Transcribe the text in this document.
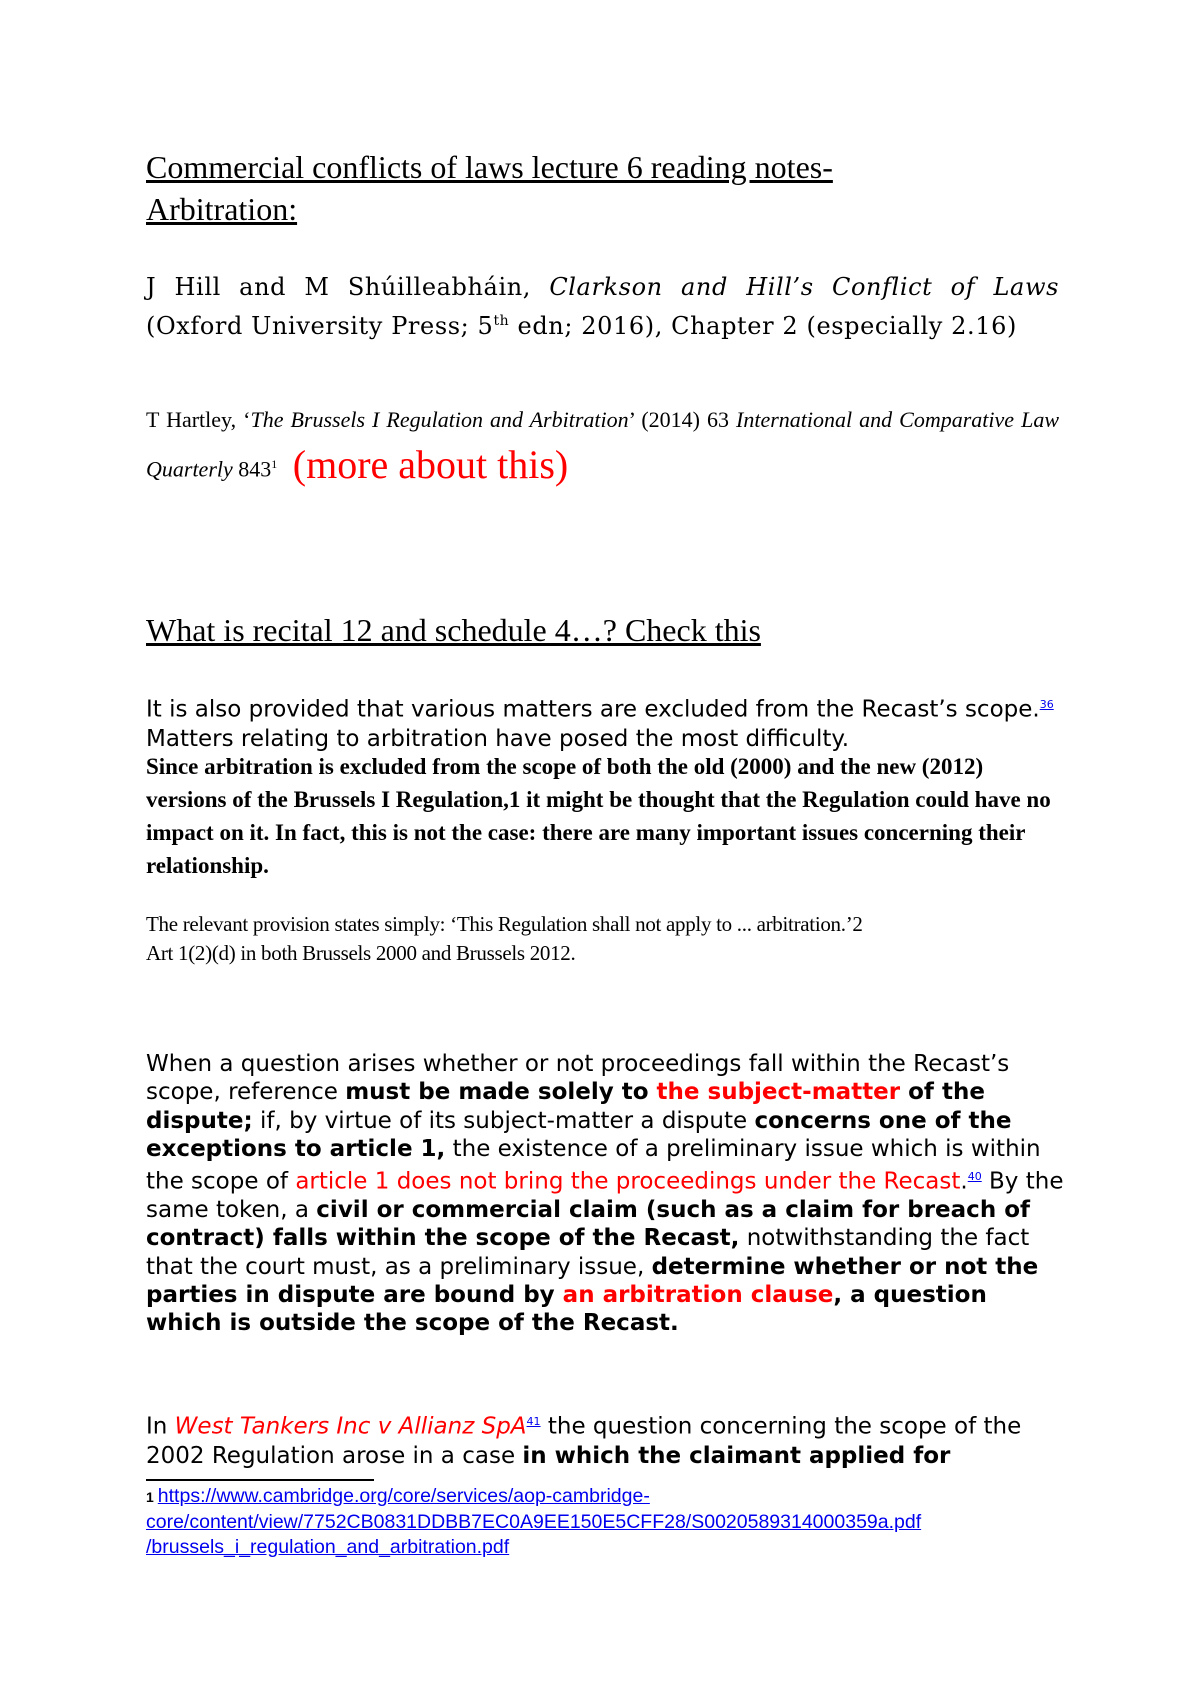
Commercial conflicts of laws lecture 6 reading notes-
Arbitration:
J Hill and M Shúilleabháin, Clarkson and Hill’s Conflict of Laws (Oxford University Press; 5th edn; 2016), Chapter 2 (especially 2.16)
T Hartley, ‘The Brussels I Regulation and Arbitration’ (2014) 63 International and Comparative Law Quarterly $843^1$ (more about this)
What is recital 12 and schedule 4…? Check this
It is also provided that various matters are excluded from the Recast’s scope.$^{36}$ Matters relating to arbitration have posed the most difficulty.
Since arbitration is excluded from the scope of both the old (2000) and the new (2012) versions of the Brussels I Regulation,1 it might be thought that the Regulation could have no impact on it. In fact, this is not the case: there are many important issues concerning their relationship.
The relevant provision states simply: ‘This Regulation shall not apply to ... arbitration.’2
Art 1(2)(d) in both Brussels 2000 and Brussels 2012.
When a question arises whether or not proceedings fall within the Recast’s scope, reference must be made solely to the subject-matter of the dispute; if, by virtue of its subject-matter a dispute concerns one of the exceptions to article 1, the existence of a preliminary issue which is within the scope of article 1 does not bring the proceedings under the Recast.$^{40}$ By the same token, a civil or commercial claim (such as a claim for breach of contract) falls within the scope of the Recast, notwithstanding the fact that the court must, as a preliminary issue, determine whether or not the parties in dispute are bound by an arbitration clause, a question which is outside the scope of the Recast.
In West Tankers Inc v Allianz SpA$^{41}$ the question concerning the scope of the 2002 Regulation arose in a case in which the claimant applied for
1 https://www.cambridge.org/core/services/aop-cambridge-
core/content/view/7752CB0831DDBB7EC0A9EE150E5CFF28/S0020589314000359a.pdf
/brussels_i_regulation_and_arbitration.pdf
